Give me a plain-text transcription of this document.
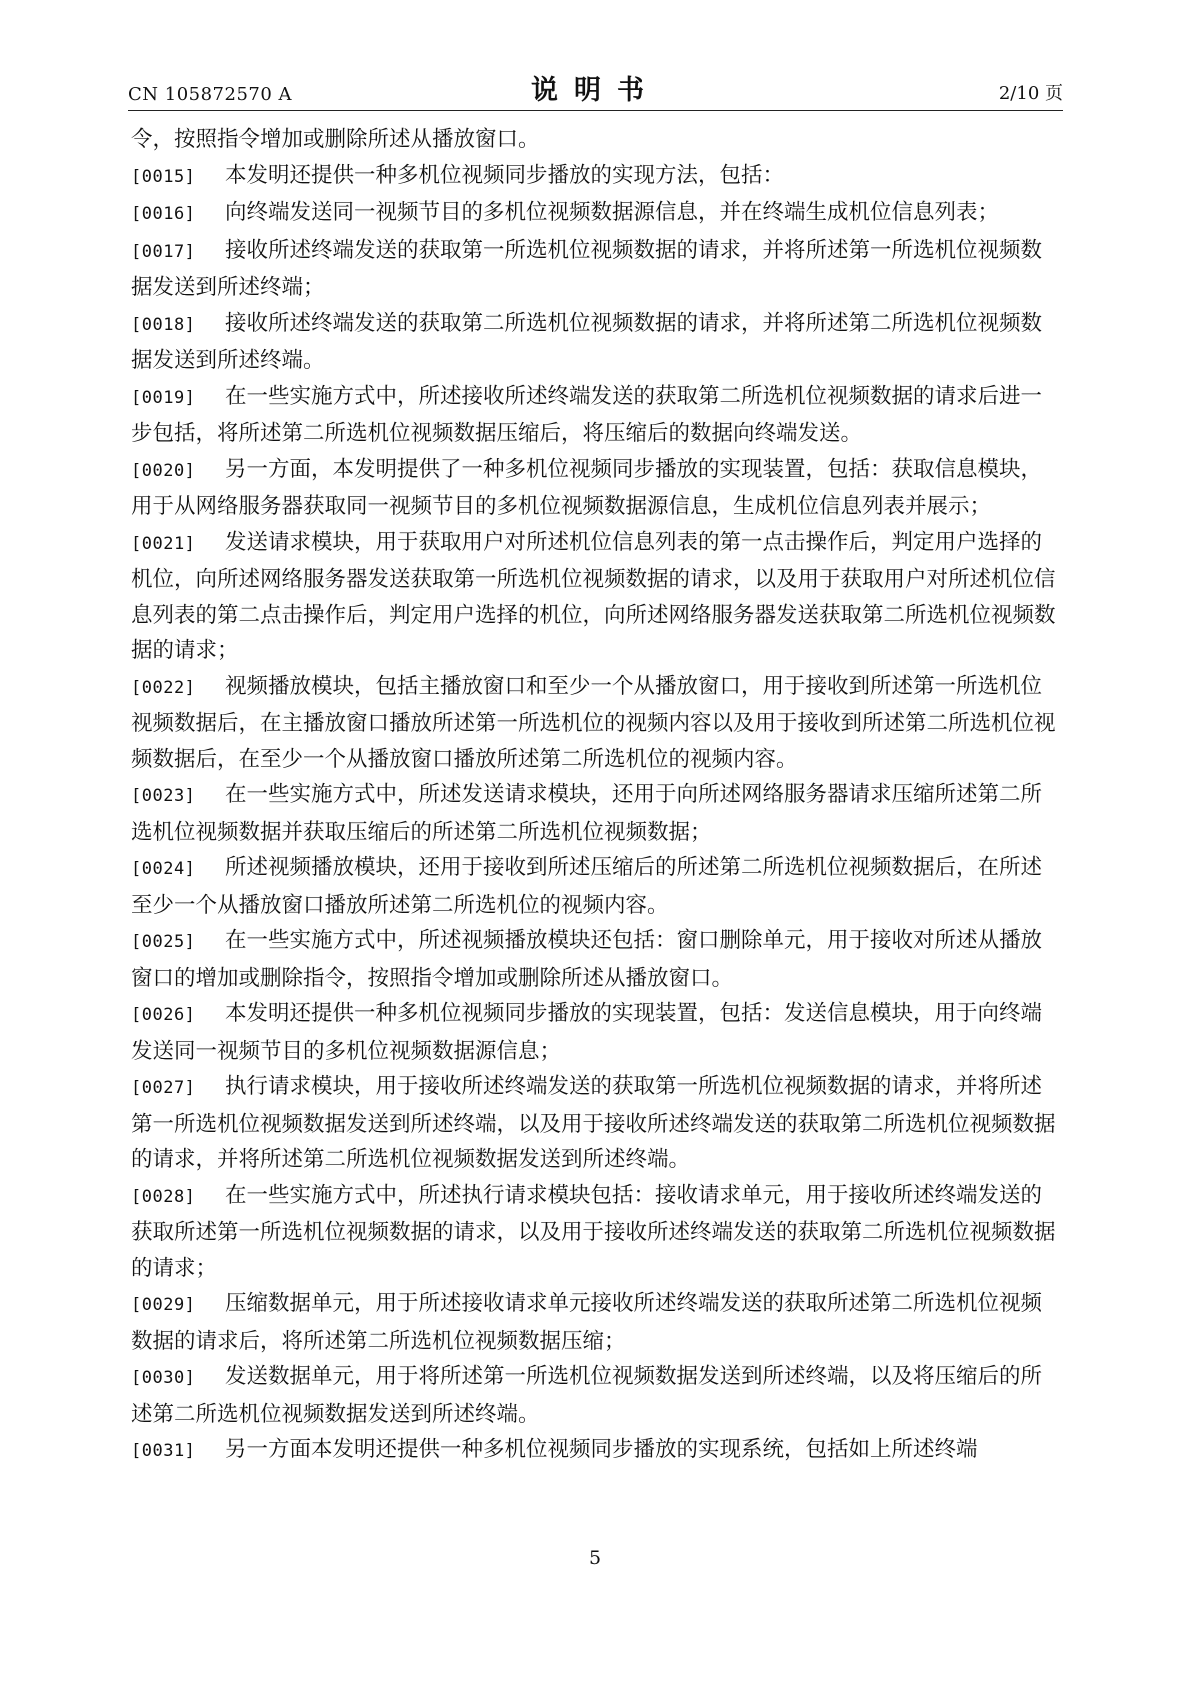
CN 105872570 A	说明书	2/10 页

令，按照指令增加或删除所述从播放窗口。

[0015] 本发明还提供一种多机位视频同步播放的实现方法，包括：

[0016] 向终端发送同一视频节目的多机位视频数据源信息，并在终端生成机位信息列表；

[0017] 接收所述终端发送的获取第一所选机位视频数据的请求，并将所述第一所选机位视频数据发送到所述终端；

[0018] 接收所述终端发送的获取第二所选机位视频数据的请求，并将所述第二所选机位视频数据发送到所述终端。

[0019] 在一些实施方式中，所述接收所述终端发送的获取第二所选机位视频数据的请求后进一步包括，将所述第二所选机位视频数据压缩后，将压缩后的数据向终端发送。

[0020] 另一方面，本发明提供了一种多机位视频同步播放的实现装置，包括：获取信息模块，用于从网络服务器获取同一视频节目的多机位视频数据源信息，生成机位信息列表并展示；

[0021] 发送请求模块，用于获取用户对所述机位信息列表的第一点击操作后，判定用户选择的机位，向所述网络服务器发送获取第一所选机位视频数据的请求，以及用于获取用户对所述机位信息列表的第二点击操作后，判定用户选择的机位，向所述网络服务器发送获取第二所选机位视频数据的请求；

[0022] 视频播放模块，包括主播放窗口和至少一个从播放窗口，用于接收到所述第一所选机位视频数据后，在主播放窗口播放所述第一所选机位的视频内容以及用于接收到所述第二所选机位视频数据后，在至少一个从播放窗口播放所述第二所选机位的视频内容。

[0023] 在一些实施方式中，所述发送请求模块，还用于向所述网络服务器请求压缩所述第二所选机位视频数据并获取压缩后的所述第二所选机位视频数据；

[0024] 所述视频播放模块，还用于接收到所述压缩后的所述第二所选机位视频数据后，在所述至少一个从播放窗口播放所述第二所选机位的视频内容。

[0025] 在一些实施方式中，所述视频播放模块还包括：窗口删除单元，用于接收对所述从播放窗口的增加或删除指令，按照指令增加或删除所述从播放窗口。

[0026] 本发明还提供一种多机位视频同步播放的实现装置，包括：发送信息模块，用于向终端发送同一视频节目的多机位视频数据源信息；

[0027] 执行请求模块，用于接收所述终端发送的获取第一所选机位视频数据的请求，并将所述第一所选机位视频数据发送到所述终端，以及用于接收所述终端发送的获取第二所选机位视频数据的请求，并将所述第二所选机位视频数据发送到所述终端。

[0028] 在一些实施方式中，所述执行请求模块包括：接收请求单元，用于接收所述终端发送的获取所述第一所选机位视频数据的请求，以及用于接收所述终端发送的获取第二所选机位视频数据的请求；

[0029] 压缩数据单元，用于所述接收请求单元接收所述终端发送的获取所述第二所选机位视频数据的请求后，将所述第二所选机位视频数据压缩；

[0030] 发送数据单元，用于将所述第一所选机位视频数据发送到所述终端，以及将压缩后的所述第二所选机位视频数据发送到所述终端。

[0031] 另一方面本发明还提供一种多机位视频同步播放的实现系统，包括如上所述终端

5
